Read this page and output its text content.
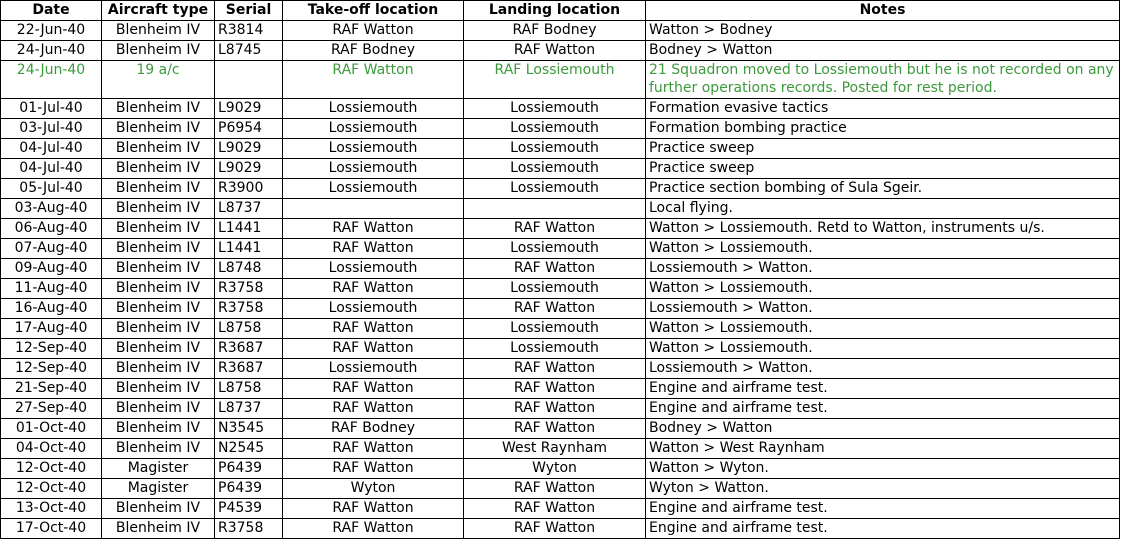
Date	Aircraft type	Serial	Take-off location	Landing location	Notes
22-Jun-40	Blenheim IV	R3814	RAF Watton	RAF Bodney	Watton > Bodney
24-Jun-40	Blenheim IV	L8745	RAF Bodney	RAF Watton	Bodney > Watton
24-Jun-40	19 a/c		RAF Watton	RAF Lossiemouth	21 Squadron moved to Lossiemouth but he is not recorded on any further operations records. Posted for rest period.
01-Jul-40	Blenheim IV	L9029	Lossiemouth	Lossiemouth	Formation evasive tactics
03-Jul-40	Blenheim IV	P6954	Lossiemouth	Lossiemouth	Formation bombing practice
04-Jul-40	Blenheim IV	L9029	Lossiemouth	Lossiemouth	Practice sweep
04-Jul-40	Blenheim IV	L9029	Lossiemouth	Lossiemouth	Practice sweep
05-Jul-40	Blenheim IV	R3900	Lossiemouth	Lossiemouth	Practice section bombing of Sula Sgeir.
03-Aug-40	Blenheim IV	L8737			Local flying.
06-Aug-40	Blenheim IV	L1441	RAF Watton	RAF Watton	Watton > Lossiemouth. Retd to Watton, instruments u/s.
07-Aug-40	Blenheim IV	L1441	RAF Watton	Lossiemouth	Watton > Lossiemouth.
09-Aug-40	Blenheim IV	L8748	Lossiemouth	RAF Watton	Lossiemouth > Watton.
11-Aug-40	Blenheim IV	R3758	RAF Watton	Lossiemouth	Watton > Lossiemouth.
16-Aug-40	Blenheim IV	R3758	Lossiemouth	RAF Watton	Lossiemouth > Watton.
17-Aug-40	Blenheim IV	L8758	RAF Watton	Lossiemouth	Watton > Lossiemouth.
12-Sep-40	Blenheim IV	R3687	RAF Watton	Lossiemouth	Watton > Lossiemouth.
12-Sep-40	Blenheim IV	R3687	Lossiemouth	RAF Watton	Lossiemouth > Watton.
21-Sep-40	Blenheim IV	L8758	RAF Watton	RAF Watton	Engine and airframe test.
27-Sep-40	Blenheim IV	L8737	RAF Watton	RAF Watton	Engine and airframe test.
01-Oct-40	Blenheim IV	N3545	RAF Bodney	RAF Watton	Bodney > Watton
04-Oct-40	Blenheim IV	N2545	RAF Watton	West Raynham	Watton > West Raynham
12-Oct-40	Magister	P6439	RAF Watton	Wyton	Watton > Wyton.
12-Oct-40	Magister	P6439	Wyton	RAF Watton	Wyton > Watton.
13-Oct-40	Blenheim IV	P4539	RAF Watton	RAF Watton	Engine and airframe test.
17-Oct-40	Blenheim IV	R3758	RAF Watton	RAF Watton	Engine and airframe test.
